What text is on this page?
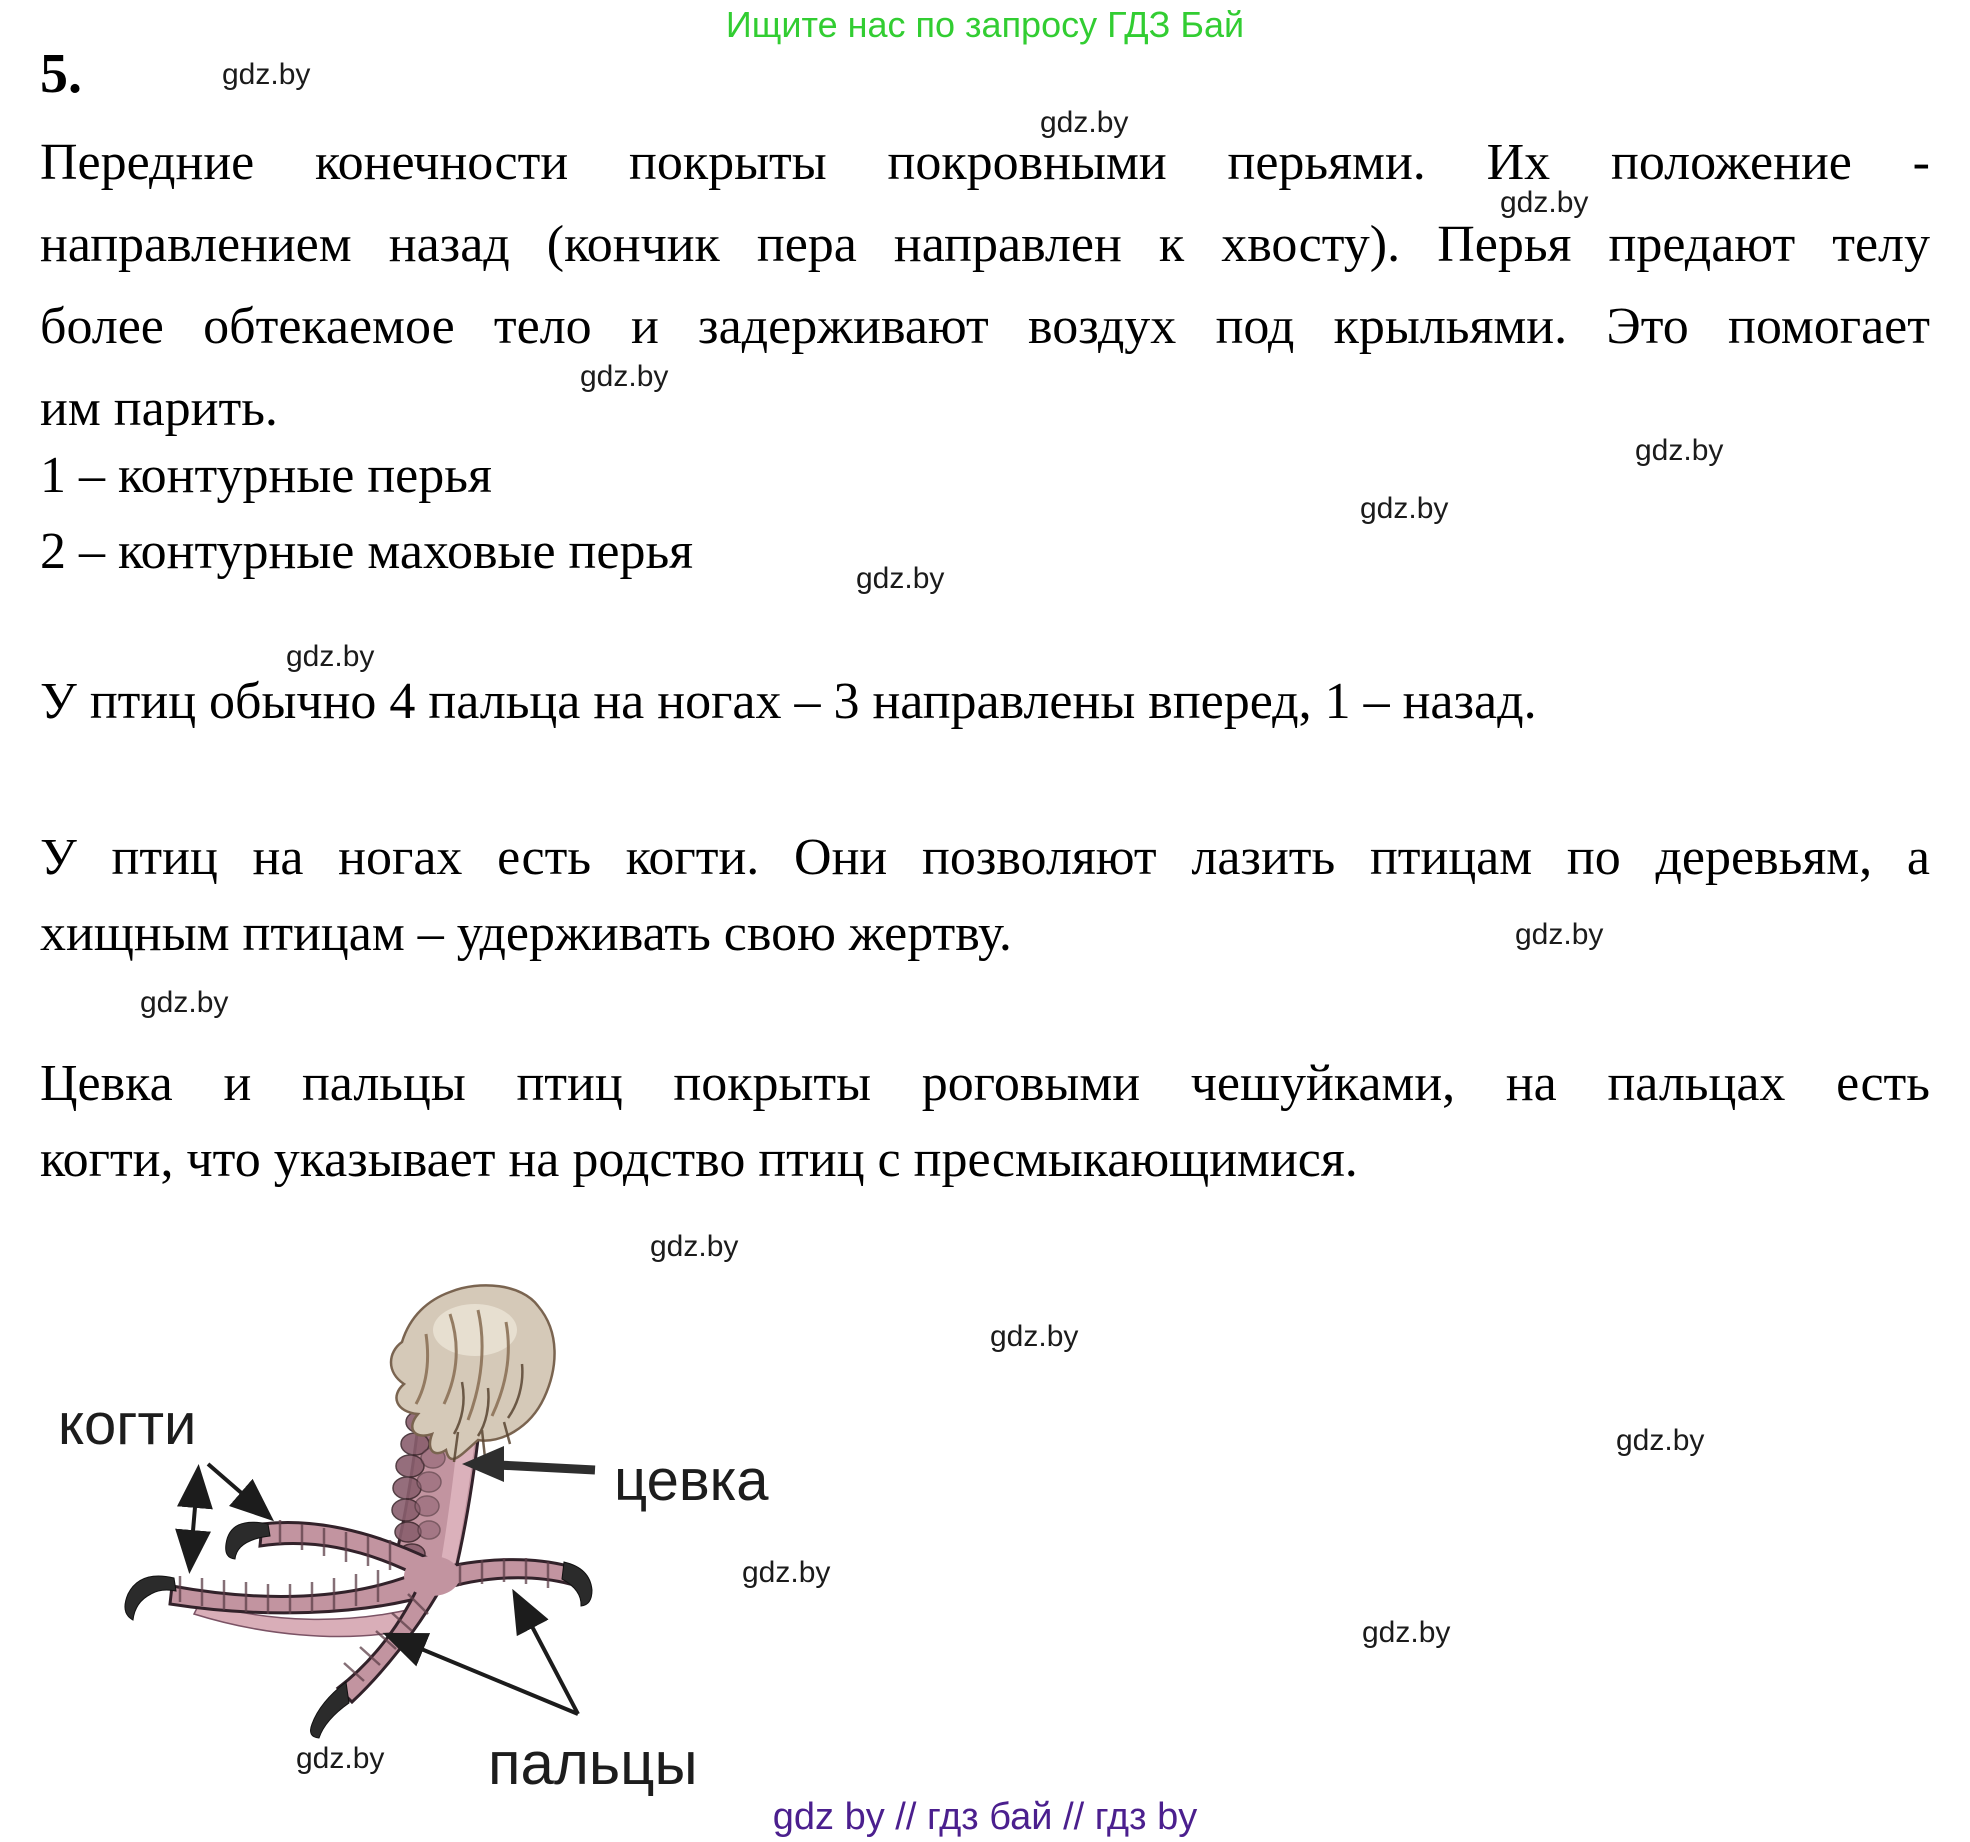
Ищите нас по запросу ГДЗ Бай
5.
Передние конечности покрыты покровными перьями. Их положение -
направлением назад (кончик пера направлен к хвосту). Перья предают телу
более обтекаемое тело и задерживают воздух под крыльями. Это помогает
им парить.
1 – контурные перья
2 – контурные маховые перья
У птиц обычно 4 пальца на ногах – 3 направлены вперед, 1 – назад.
У птиц на ногах есть когти. Они позволяют лазить птицам по деревьям, а
хищным птицам – удерживать свою жертву.
Цевка и пальцы птиц покрыты роговыми чешуйками, на пальцах есть
когти, что указывает на родство птиц с пресмыкающимися.
gdz.by
gdz.by
gdz.by
gdz.by
gdz.by
gdz.by
gdz.by
gdz.by
gdz.by
gdz.by
gdz.by
gdz.by
gdz.by
gdz.by
gdz.by
gdz.by
когти
цевка
пальцы
gdz by // гдз бай // гдз by
